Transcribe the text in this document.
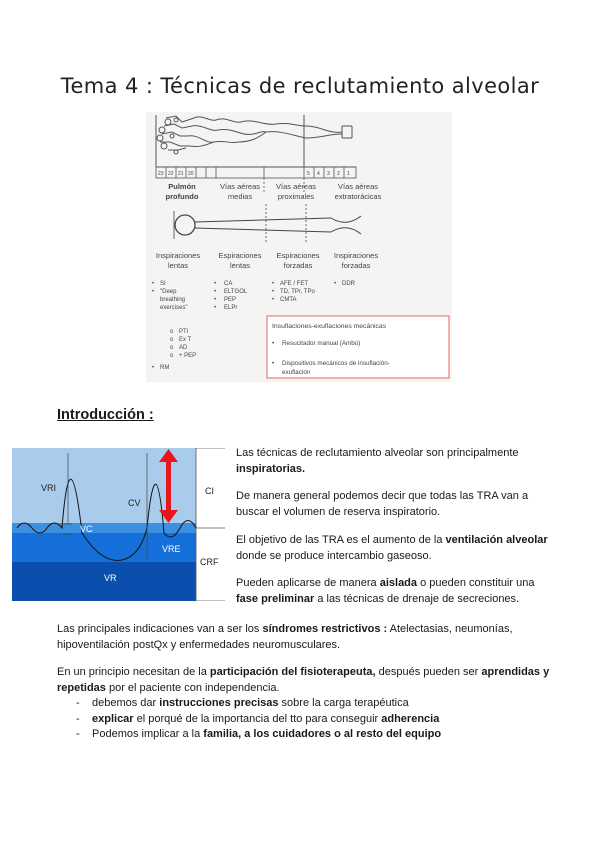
Tema 4 : Técnicas de reclutamiento alveolar
23 22 21 20	5 4 3 2 1
Pulmón
profundo
Vías aéreas
medias
Vías aéreas
proximales
Vías aéreas
extratorácicas
Inspiraciones
lentas
Espiraciones
lentas
Espiraciones
forzadas
Inspiraciones
forzadas
• SI
• "Deep
breathing
exercises"
o PTI
o Ex T
o AD
o + PEP
• RM
• CA
• ELTGOL
• PEP
• ELPr
• AFE / FET
• TD, TPr, TPo
• CMTA
• DDR
Insuflaciones-exuflaciones mecánicas
• Resucitador manual (Ambú)
• Dispositivos mecánicos de insuflación-
exuflación
Introducción :
VRI
CV
CI
VC
VRE
CRF
VR

Las técnicas de reclutamiento alveolar son principalmente inspiratorias.

De manera general podemos decir que todas las TRA van a buscar el volumen de reserva inspiratorio.

El objetivo de las TRA es el aumento de la ventilación alveolar donde se produce intercambio gaseoso.

Pueden aplicarse de manera aislada o pueden constituir una fase preliminar a las técnicas de drenaje de secreciones.

Las principales indicaciones van a ser los síndromes restrictivos : Atelectasias, neumonías, hipoventilación postQx y enfermedades neuromusculares.

En un principio necesitan de la participación del fisioterapeuta, después pueden ser aprendidas y repetidas por el paciente con independencia.

- debemos dar instrucciones precisas sobre la carga terapéutica
- explicar el porqué de la importancia del tto para conseguir adherencia
- Podemos implicar a la familia, a los cuidadores o al resto del equipo
